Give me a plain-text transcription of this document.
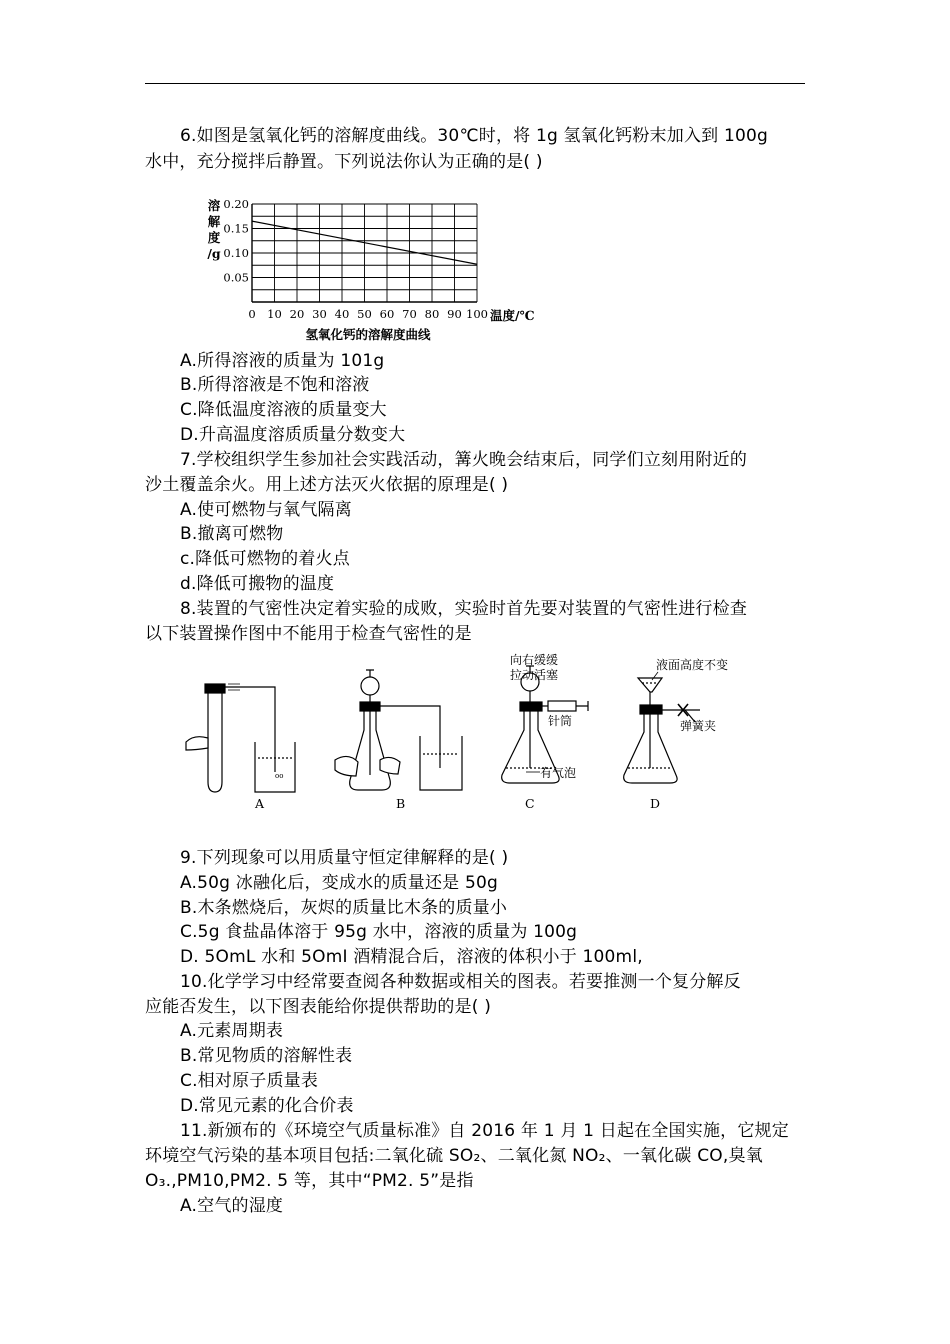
6.如图是氢氧化钙的溶解度曲线。30℃时，将 1g 氢氧化钙粉末加入到 100g
水中，充分搅拌后静置。下列说法你认为正确的是( )
溶
解
度
/g
0.20
0.15
0.10
0.05
0 10 20 30 40 50 60 70 80 90 100 温度/℃
氢氧化钙的溶解度曲线
A.所得溶液的质量为 101g
B.所得溶液是不饱和溶液
C.降低温度溶液的质量变大
D.升高温度溶质质量分数变大
7.学校组织学生参加社会实践活动，篝火晚会结束后，同学们立刻用附近的
沙土覆盖余火。用上述方法灭火依据的原理是( )
A.使可燃物与氧气隔离
B.撤离可燃物
c.降低可燃物的着火点
d.降低可搬物的温度
8.装置的气密性决定着实验的成败，实验时首先要对装置的气密性进行检查
以下装置操作图中不能用于检查气密性的是
oo
A	B
向右缓缓
拉动活塞
针筒
有气泡
C
液面高度不变
弹簧夹
D
9.下列现象可以用质量守恒定律解释的是( )
A.50g 冰融化后，变成水的质量还是 50g
B.木条燃烧后，灰烬的质量比木条的质量小
C.5g 食盐晶体溶于 95g 水中，溶液的质量为 100g
D. 5OmL 水和 5OmI 酒精混合后，溶液的体积小于 100ml,
10.化学学习中经常要查阅各种数据或相关的图表。若要推测一个复分解反
应能否发生，以下图表能给你提供帮助的是( )
A.元素周期表
B.常见物质的溶解性表
C.相对原子质量表
D.常见元素的化合价表
11.新颁布的《环境空气质量标准》自 2016 年 1 月 1 日起在全国实施，它规定
环境空气污染的基本项目包括:二氧化硫 SO₂、二氧化氮 NO₂、一氧化碳 CO,臭氧
O₃.,PM10,PM2. 5 等，其中“PM2. 5”是指
A.空气的湿度
